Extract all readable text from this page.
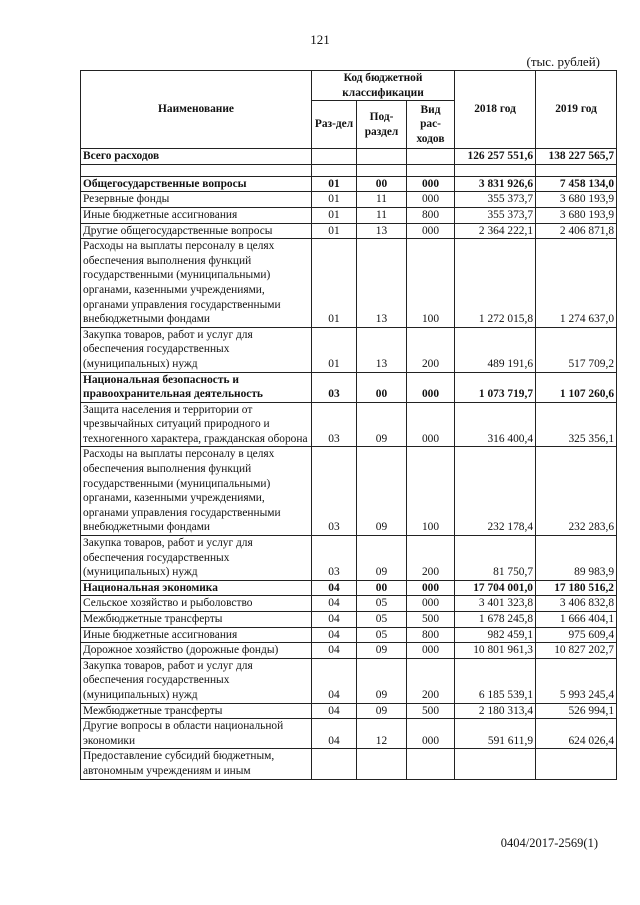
121
(тыс. рублей)
Наименование	Код бюджетной классификации			2018 год	2019 год
	Раз-дел	Под-раздел	Вид рас-ходов		
Всего расходов				126 257 551,6	138 227 565,7

Общегосударственные вопросы	01	00	000	3 831 926,6	7 458 134,0
Резервные фонды	01	11	000	355 373,7	3 680 193,9
Иные бюджетные ассигнования	01	11	800	355 373,7	3 680 193,9
Другие общегосударственные вопросы	01	13	000	2 364 222,1	2 406 871,8
Расходы на выплаты персоналу в целях обеспечения выполнения функций государственными (муниципальными) органами, казенными учреждениями, органами управления государственными внебюджетными фондами	01	13	100	1 272 015,8	1 274 637,0
Закупка товаров, работ и услуг для обеспечения государственных (муниципальных) нужд	01	13	200	489 191,6	517 709,2
Национальная безопасность и правоохранительная деятельность	03	00	000	1 073 719,7	1 107 260,6
Защита населения и территории от чрезвычайных ситуаций природного и техногенного характера, гражданская оборона	03	09	000	316 400,4	325 356,1
Расходы на выплаты персоналу в целях обеспечения выполнения функций государственными (муниципальными) органами, казенными учреждениями, органами управления государственными внебюджетными фондами	03	09	100	232 178,4	232 283,6
Закупка товаров, работ и услуг для обеспечения государственных (муниципальных) нужд	03	09	200	81 750,7	89 983,9
Национальная экономика	04	00	000	17 704 001,0	17 180 516,2
Сельское хозяйство и рыболовство	04	05	000	3 401 323,8	3 406 832,8
Межбюджетные трансферты	04	05	500	1 678 245,8	1 666 404,1
Иные бюджетные ассигнования	04	05	800	982 459,1	975 609,4
Дорожное хозяйство (дорожные фонды)	04	09	000	10 801 961,3	10 827 202,7
Закупка товаров, работ и услуг для обеспечения государственных (муниципальных) нужд	04	09	200	6 185 539,1	5 993 245,4
Межбюджетные трансферты	04	09	500	2 180 313,4	526 994,1
Другие вопросы в области национальной экономики	04	12	000	591 611,9	624 026,4
Предоставление субсидий бюджетным, автономным учреждениям и иным					
0404/2017-2569(1)
